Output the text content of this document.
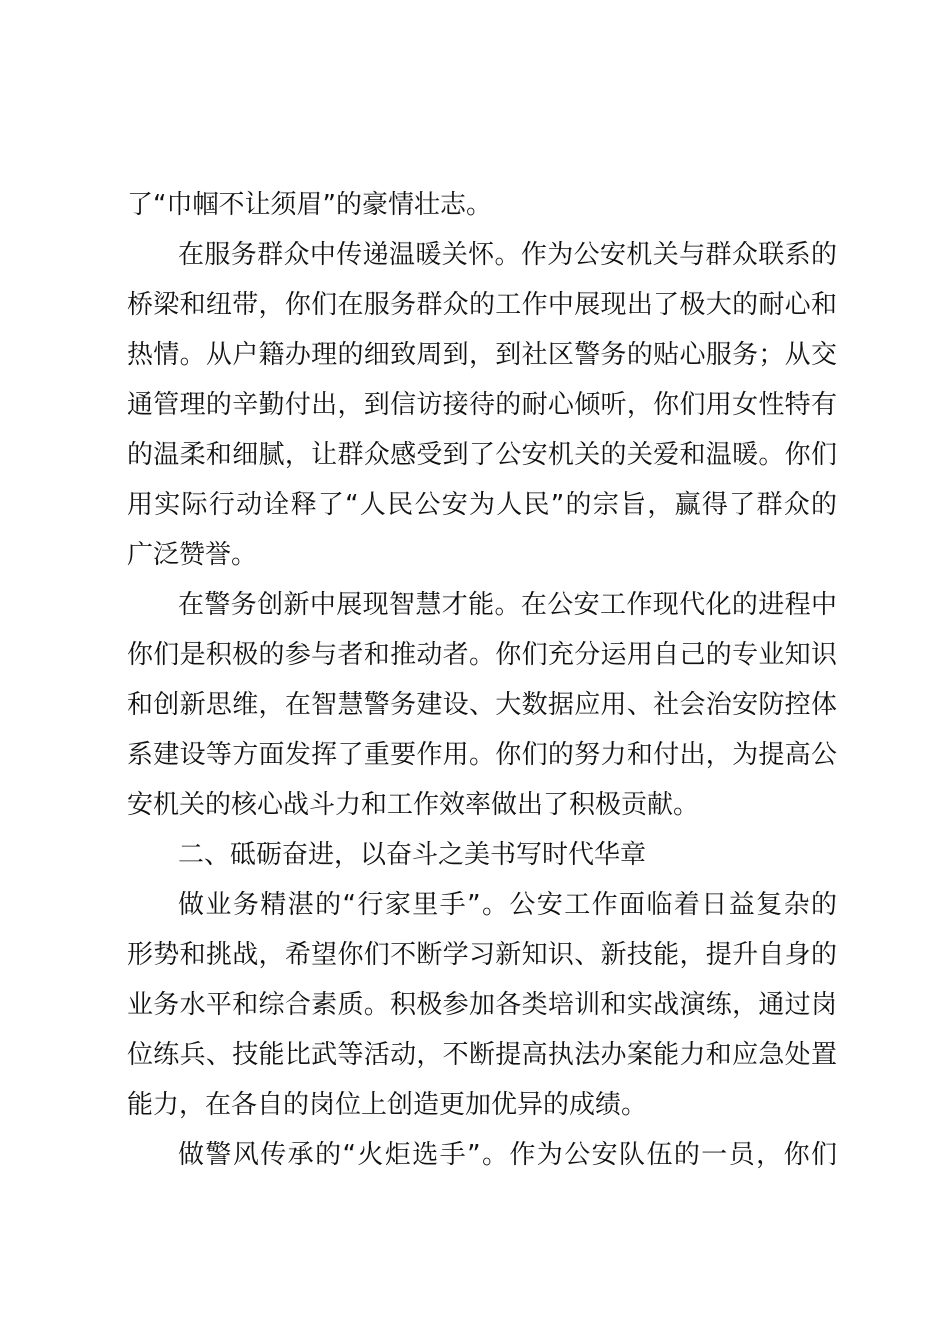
了“巾帼不让须眉”的豪情壮志。
在服务群众中传递温暖关怀。作为公安机关与群众联系的
桥梁和纽带，你们在服务群众的工作中展现出了极大的耐心和
热情。从户籍办理的细致周到，到社区警务的贴心服务；从交
通管理的辛勤付出，到信访接待的耐心倾听，你们用女性特有
的温柔和细腻，让群众感受到了公安机关的关爱和温暖。你们
用实际行动诠释了“人民公安为人民”的宗旨，赢得了群众的
广泛赞誉。
在警务创新中展现智慧才能。在公安工作现代化的进程中
你们是积极的参与者和推动者。你们充分运用自己的专业知识
和创新思维，在智慧警务建设、大数据应用、社会治安防控体
系建设等方面发挥了重要作用。你们的努力和付出，为提高公
安机关的核心战斗力和工作效率做出了积极贡献。
二、砥砺奋进，以奋斗之美书写时代华章
做业务精湛的“行家里手”。公安工作面临着日益复杂的
形势和挑战，希望你们不断学习新知识、新技能，提升自身的
业务水平和综合素质。积极参加各类培训和实战演练，通过岗
位练兵、技能比武等活动，不断提高执法办案能力和应急处置
能力，在各自的岗位上创造更加优异的成绩。
做警风传承的“火炬选手”。作为公安队伍的一员，你们
